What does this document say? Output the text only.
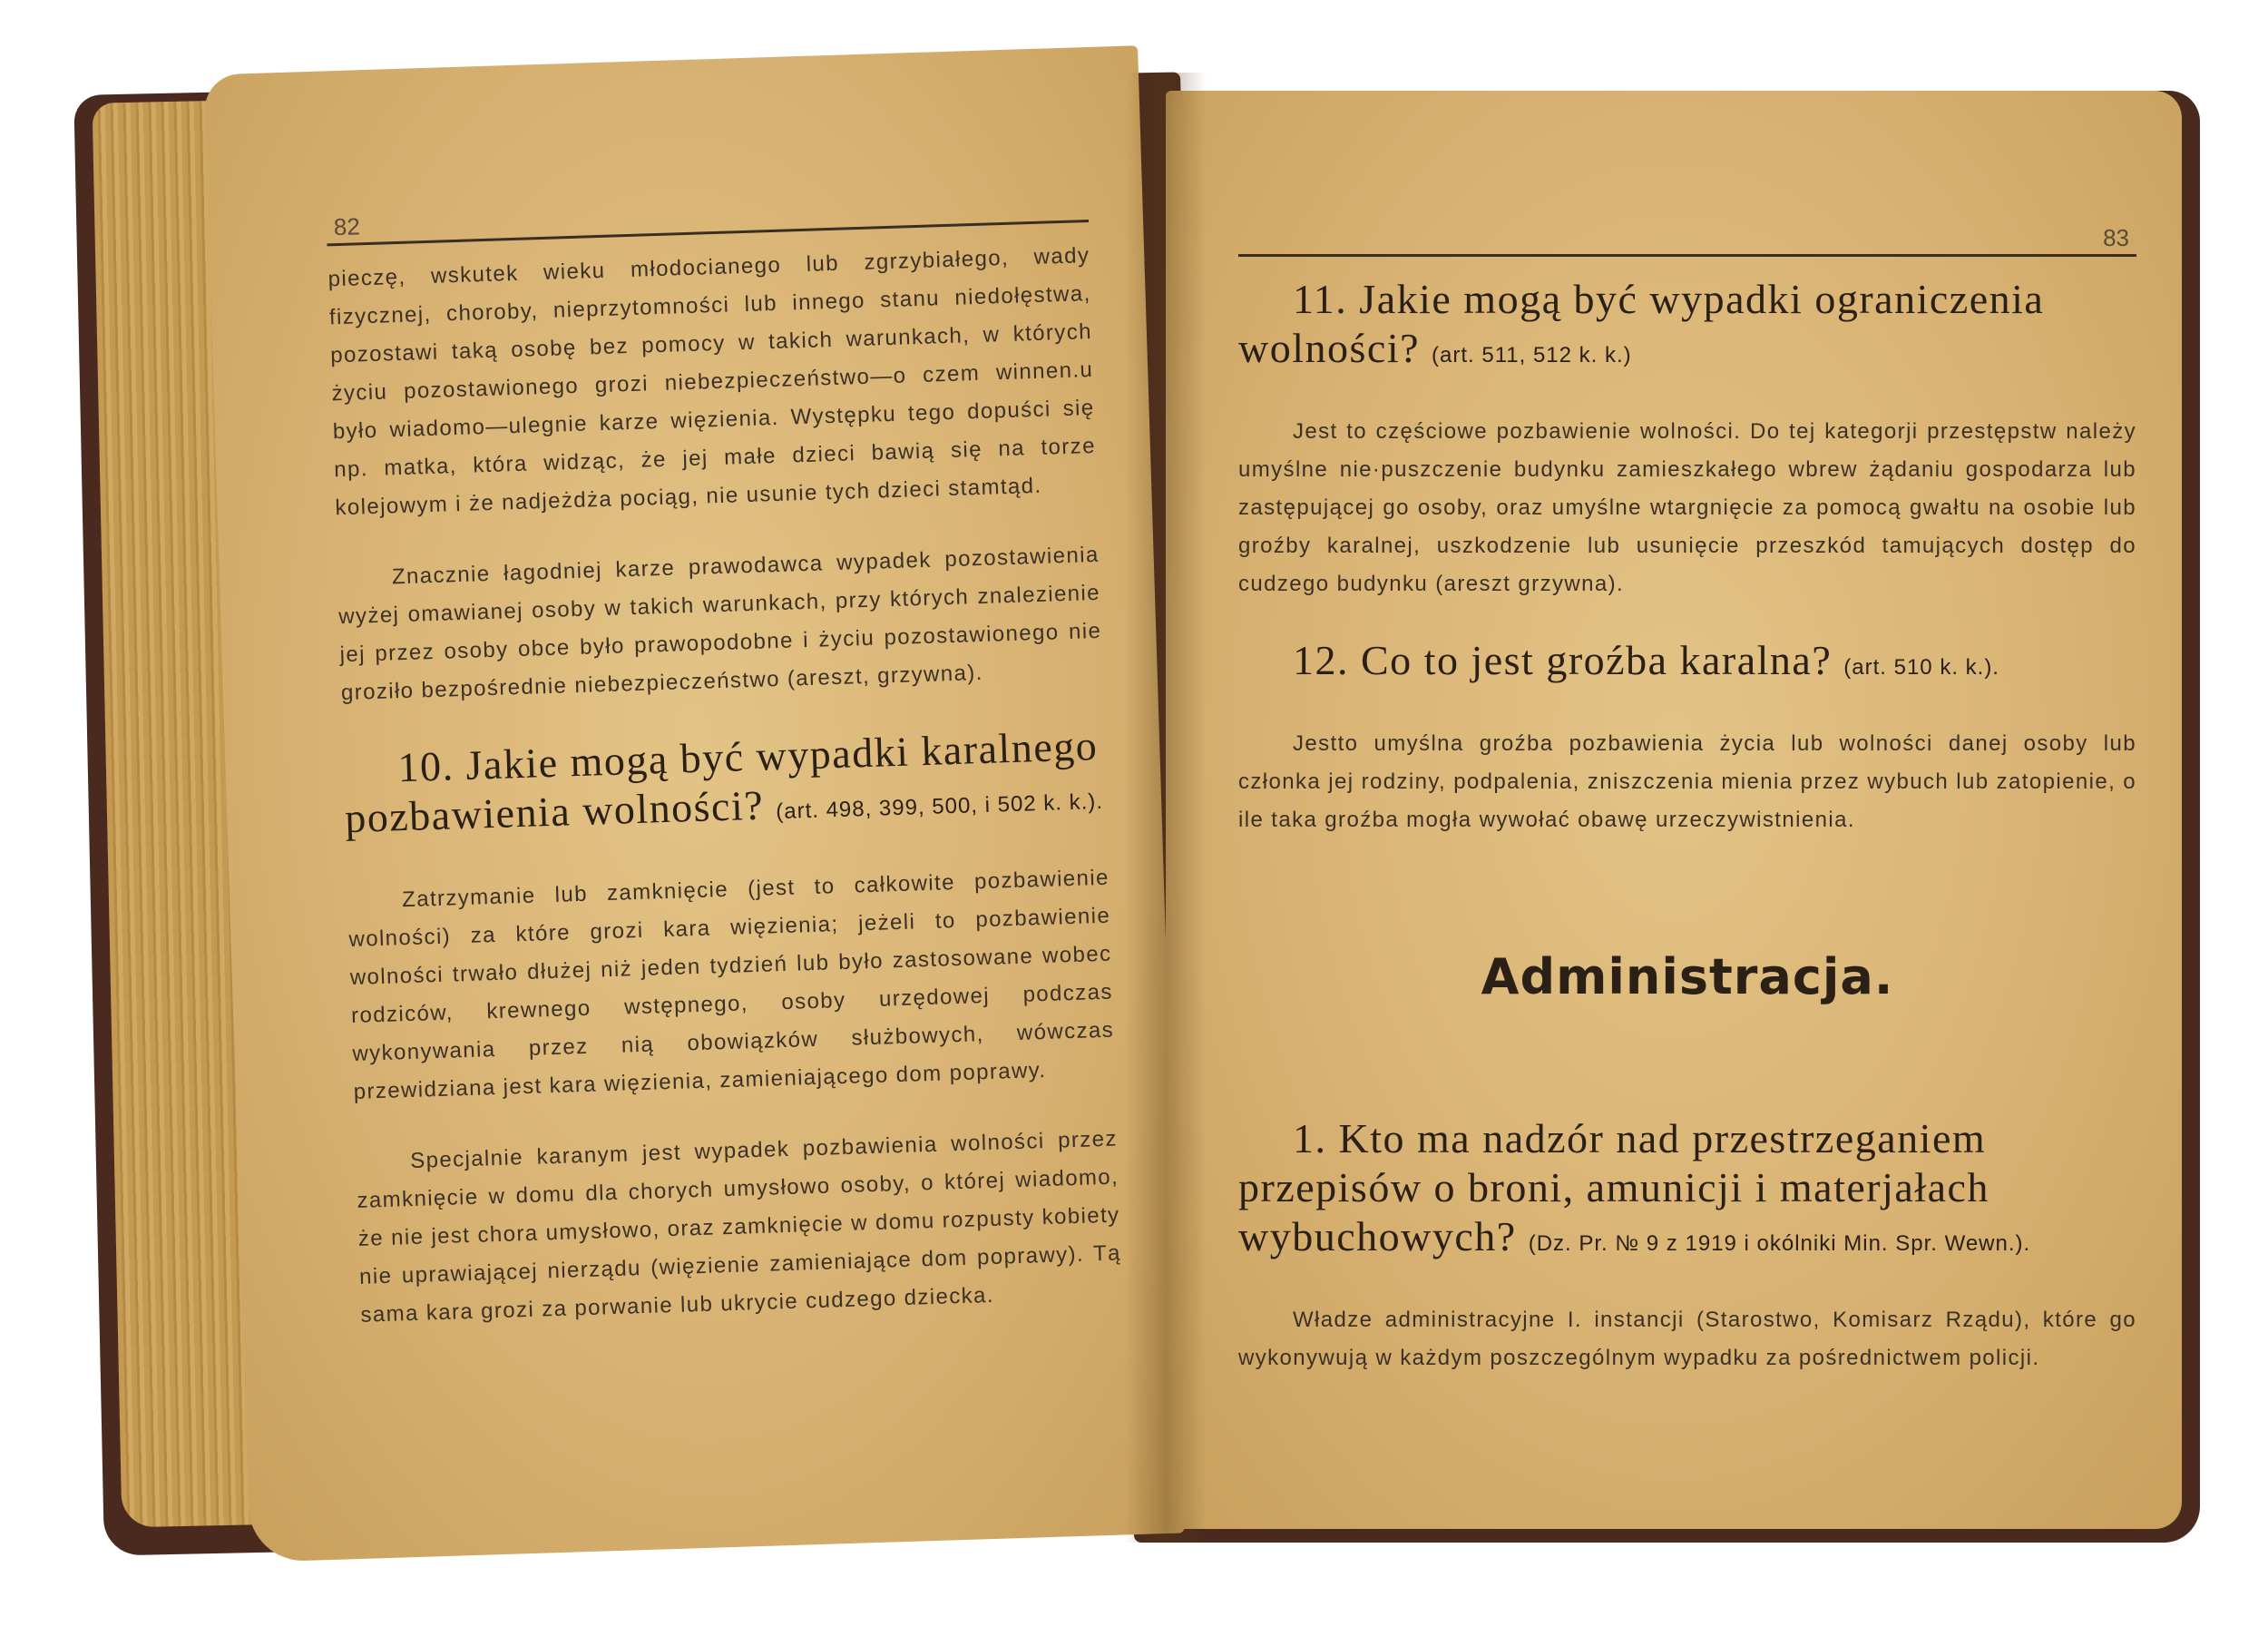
82

pieczę, wskutek wieku młodocianego lub zgrzybiałego, wady fizycznej, choroby, nieprzytomności lub innego stanu niedołęstwa, pozostawi taką osobę bez pomocy w takich warunkach, w których życiu pozostawionego grozi niebezpieczeństwo—o czem winnen.u było wiadomo—ulegnie karze więzienia. Występku tego dopuści się np. matka, która widząc, że jej małe dzieci bawią się na torze kolejowym i że nadjeżdża pociąg, nie usunie tych dzieci stamtąd.

Znacznie łagodniej karze prawodawca wypadek pozostawienia wyżej omawianej osoby w takich warunkach, przy których znalezienie jej przez osoby obce było prawopodobne i życiu pozostawionego nie groziło bezpośrednie niebezpieczeństwo (areszt, grzywna).

10. Jakie mogą być wypadki karalnego pozbawienia wolności? (art. 498, 399, 500, i 502 k. k.).

Zatrzymanie lub zamknięcie (jest to całkowite pozbawienie wolności) za które grozi kara więzienia; jeżeli to pozbawienie wolności trwało dłużej niż jeden tydzień lub było zastosowane wobec rodziców, krewnego wstępnego, osoby urzędowej podczas wykonywania przez nią obowiązków służbowych, wówczas przewidziana jest kara więzienia, zamieniającego dom poprawy.

Specjalnie karanym jest wypadek pozbawienia wolności przez zamknięcie w domu dla chorych umysłowo osoby, o której wiadomo, że nie jest chora umysłowo, oraz zamknięcie w domu rozpusty kobiety nie uprawiającej nierządu (więzienie zamieniające dom poprawy). Tą sama kara grozi za porwanie lub ukrycie cudzego dziecka.

83
11. Jakie mogą być wypadki ograniczenia wolności? (art. 511, 512 k. k.)

Jest to częściowe pozbawienie wolności. Do tej kategorji przestępstw należy umyślne nie·puszczenie budynku zamieszkałego wbrew żądaniu gospodarza lub zastępującej go osoby, oraz umyślne wtargnięcie za pomocą gwałtu na osobie lub groźby karalnej, uszkodzenie lub usunięcie przeszkód tamujących dostęp do cudzego budynku (areszt grzywna).

12. Co to jest groźba karalna? (art. 510 k. k.).

Jestto umyślna groźba pozbawienia życia lub wolności danej osoby lub członka jej rodziny, podpalenia, zniszczenia mienia przez wybuch lub zatopienie, o ile taka groźba mogła wywołać obawę urzeczywistnienia.

Administracja.
1. Kto ma nadzór nad przestrzeganiem przepisów o broni, amunicji i materjałach wybuchowych? (Dz. Pr. № 9 z 1919 i okólniki Min. Spr. Wewn.).

Władze administracyjne I. instancji (Starostwo, Komisarz Rządu), które go wykonywują w każdym poszczególnym wypadku za pośrednictwem policji.
